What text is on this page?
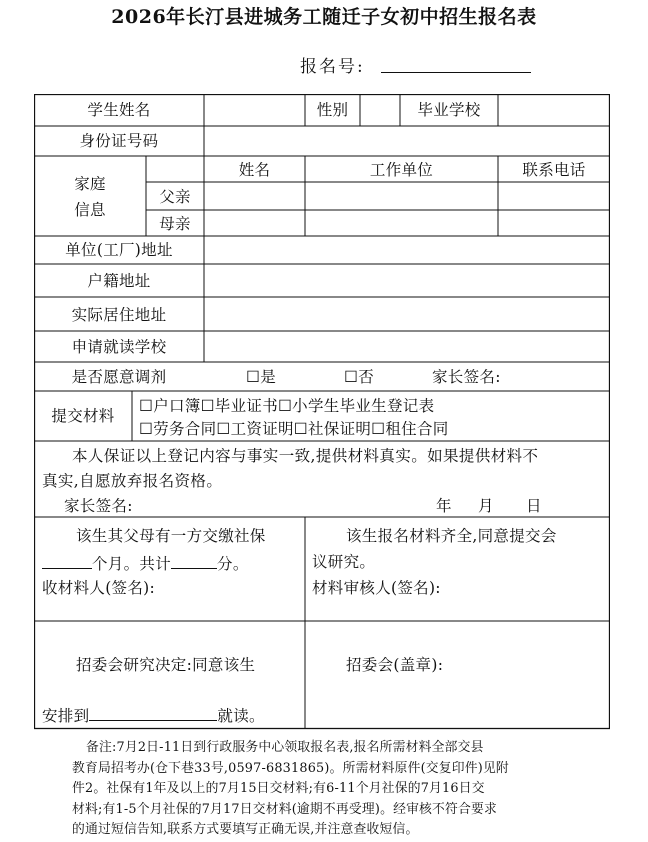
2026年长汀县进城务工随迁子女初中招生报名表
报名号:
学生姓名	性别	毕业学校
身份证号码
家庭
信息
姓名	工作单位	联系电话
父亲
母亲
单位(工厂)地址
户籍地址
实际居住地址
申请就读学校
是否愿意调剂	☐是	☐否	家长签名:
提交材料
☐户口簿☐毕业证书☐小学生毕业生登记表
☐劳务合同☐工资证明☐社保证明☐租住合同
本人保证以上登记内容与事实一致,提供材料真实。如果提供材料不
真实,自愿放弃报名资格。
家长签名:	年 月 日
该生其父母有一方交缴社保
个月。共计	分。
收材料人(签名):
该生报名材料齐全,同意提交会
议研究。
材料审核人(签名):
招委会研究决定:同意该生
安排到	就读。
招委会(盖章):
备注:7月2日-11日到行政服务中心领取报名表,报名所需材料全部交县
教育局招考办(仓下巷33号,0597-6831865)。所需材料原件(交复印件)见附
件2。社保有1年及以上的7月15日交材料;有6-11个月社保的7月16日交
材料;有1-5个月社保的7月17日交材料(逾期不再受理)。经审核不符合要求
的通过短信告知,联系方式要填写正确无误,并注意查收短信。
